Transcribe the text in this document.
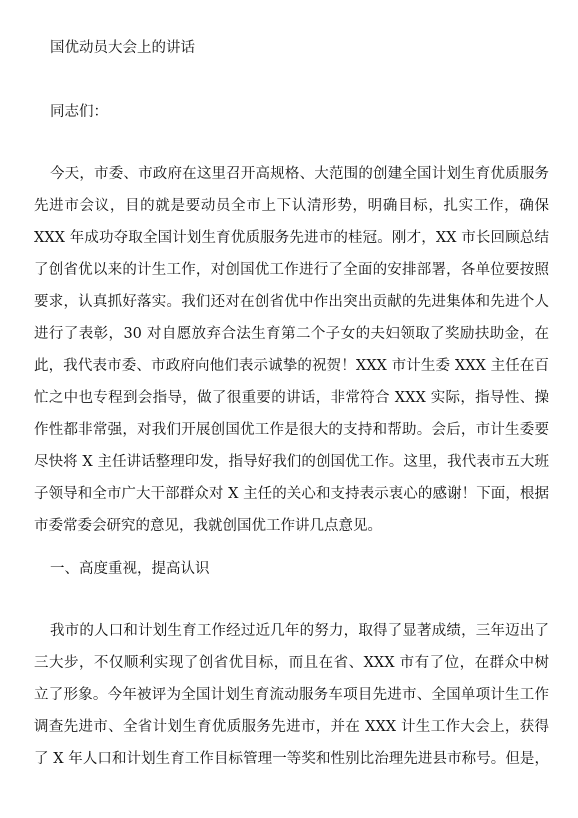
国优动员大会上的讲话
同志们：
今天，市委、市政府在这里召开高规格、大范围的创建全国计划生育优质服务
先进市会议，目的就是要动员全市上下认清形势，明确目标，扎实工作，确保
XXX 年成功夺取全国计划生育优质服务先进市的桂冠。刚才，XX 市长回顾总结
了创省优以来的计生工作，对创国优工作进行了全面的安排部署，各单位要按照
要求，认真抓好落实。我们还对在创省优中作出突出贡献的先进集体和先进个人
进行了表彰，30 对自愿放弃合法生育第二个子女的夫妇领取了奖励扶助金，在
此，我代表市委、市政府向他们表示诚挚的祝贺！XXX 市计生委 XXX 主任在百
忙之中也专程到会指导，做了很重要的讲话，非常符合 XXX 实际，指导性、操
作性都非常强，对我们开展创国优工作是很大的支持和帮助。会后，市计生委要
尽快将 X 主任讲话整理印发，指导好我们的创国优工作。这里，我代表市五大班
子领导和全市广大干部群众对 X 主任的关心和支持表示衷心的感谢！下面，根据
市委常委会研究的意见，我就创国优工作讲几点意见。
一、高度重视，提高认识
我市的人口和计划生育工作经过近几年的努力，取得了显著成绩，三年迈出了
三大步，不仅顺利实现了创省优目标，而且在省、XXX 市有了位，在群众中树
立了形象。今年被评为全国计划生育流动服务车项目先进市、全国单项计生工作
调查先进市、全省计划生育优质服务先进市，并在 XXX 计生工作大会上，获得
了 X 年人口和计划生育工作目标管理一等奖和性别比治理先进县市称号。但是，
